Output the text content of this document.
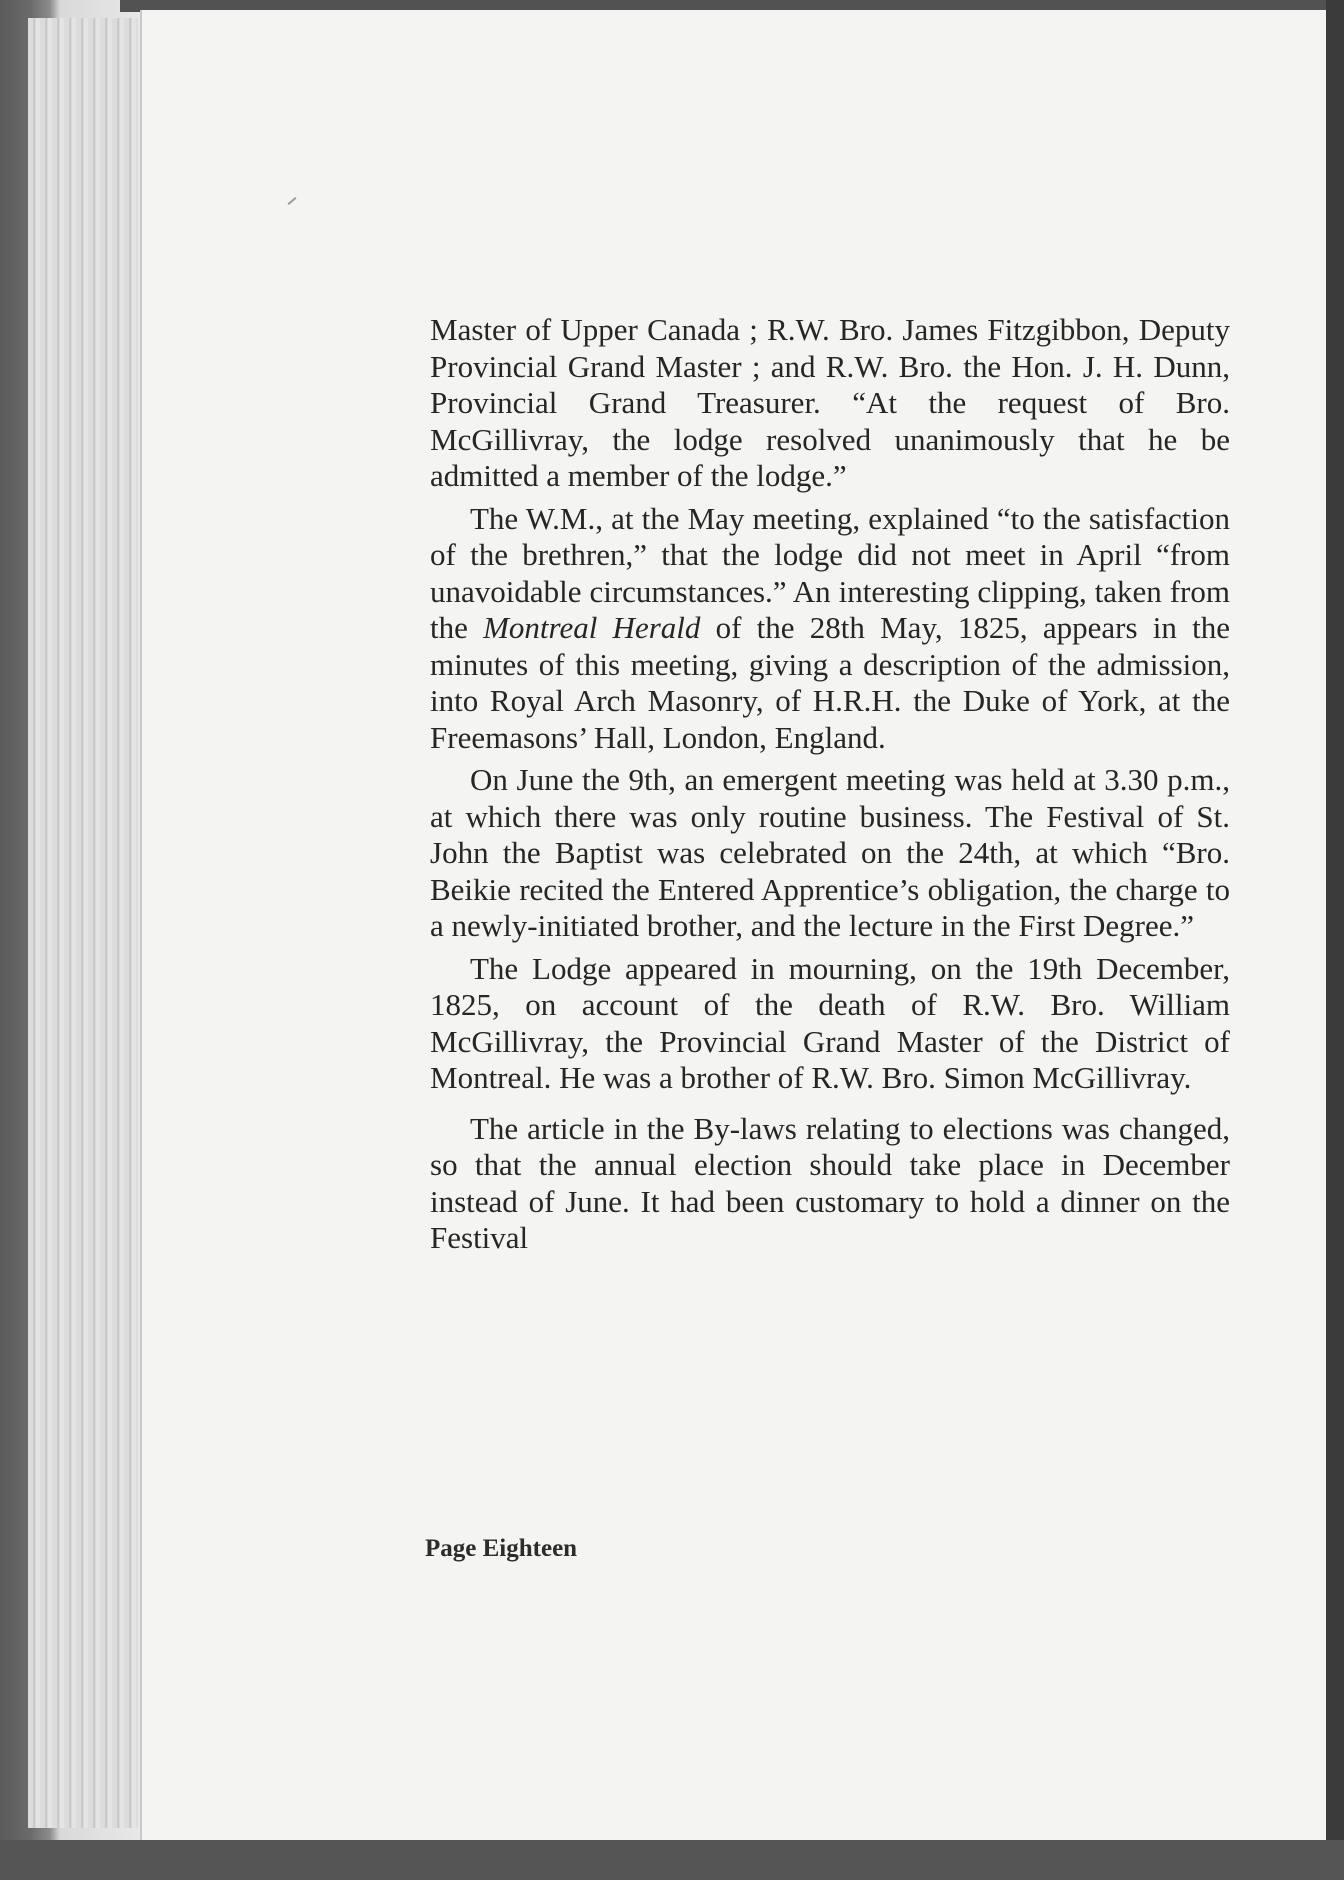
Master of Upper Canada ; R.W. Bro. James Fitzgibbon, Deputy Provincial Grand Master ; and R.W. Bro. the Hon. J. H. Dunn, Provincial Grand Treasurer. “At the request of Bro. McGillivray, the lodge resolved unanimously that he be admitted a member of the lodge.”

The W.M., at the May meeting, explained “to the satisfaction of the brethren,” that the lodge did not meet in April “from unavoidable circumstances.” An interesting clipping, taken from the Montreal Herald of the 28th May, 1825, appears in the minutes of this meeting, giving a description of the admission, into Royal Arch Masonry, of H.R.H. the Duke of York, at the Freemasons’ Hall, London, England.

On June the 9th, an emergent meeting was held at 3.30 p.m., at which there was only routine business. The Festival of St. John the Baptist was celebrated on the 24th, at which “Bro. Beikie recited the Entered Apprentice’s obligation, the charge to a newly-initiated brother, and the lecture in the First Degree.”

The Lodge appeared in mourning, on the 19th December, 1825, on account of the death of R.W. Bro. William McGillivray, the Provincial Grand Master of the District of Montreal. He was a brother of R.W. Bro. Simon McGillivray.

The article in the By-laws relating to elections was changed, so that the annual election should take place in December instead of June. It had been customary to hold a dinner on the Festival

Page Eighteen
